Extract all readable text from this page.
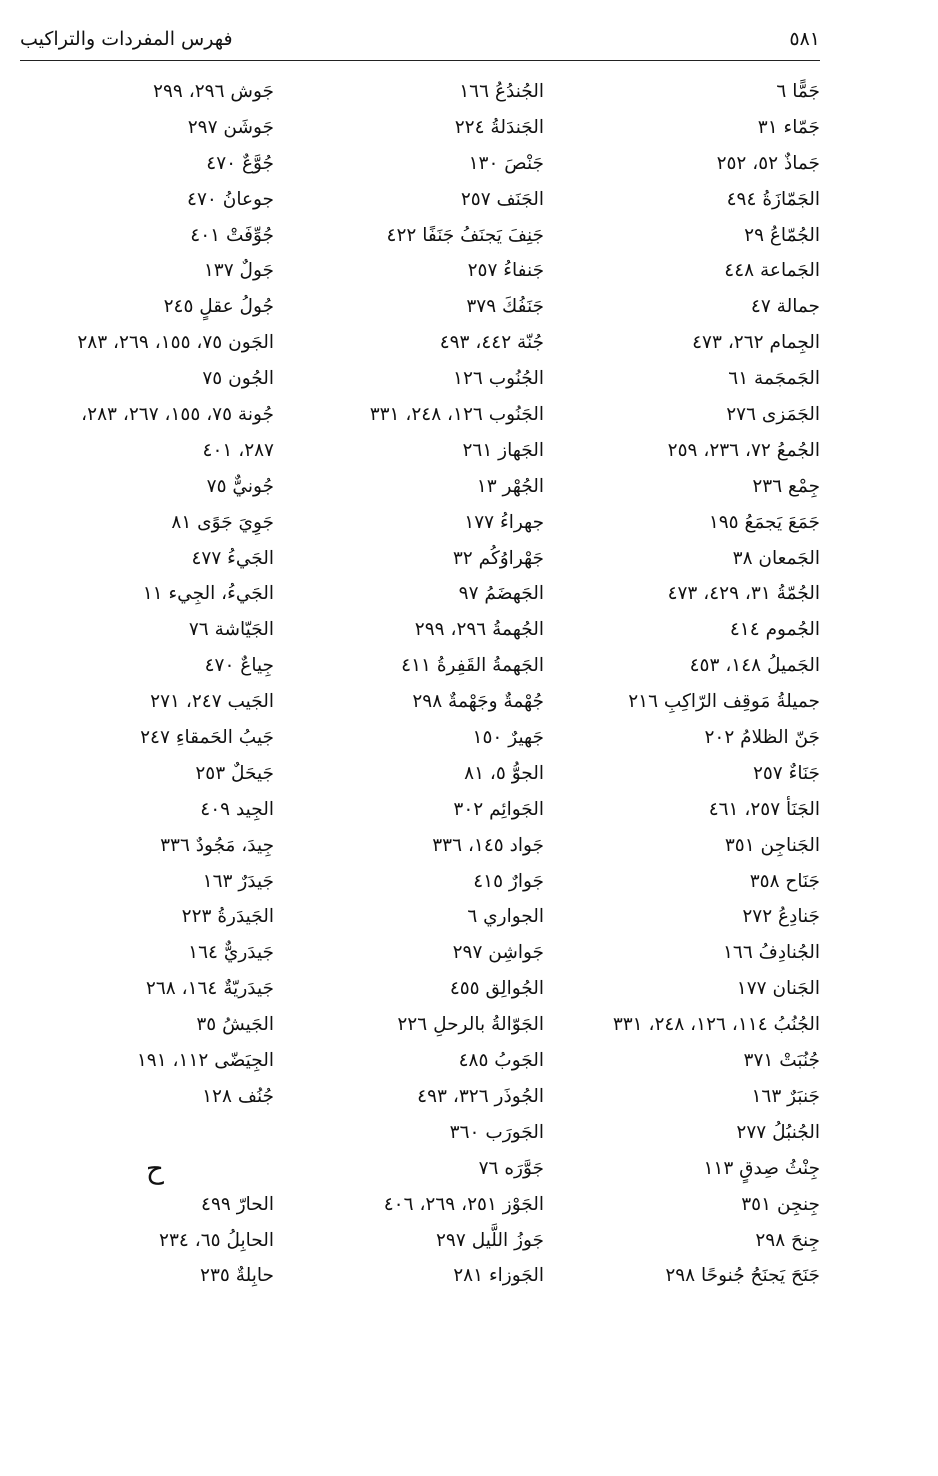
٥٨١
فهرس المفردات والتراكيب
جَمًّا ٦
جَمّاء ٣١
جَماذٌ ٥٢، ٢٥٢
الجَمّازَةُ ٤٩٤
الجُمّاعُ ٢٩
الجَماعة ٤٤٨
جمالة ٤٧
الجِمام ٢٦٢، ٤٧٣
الجَمجَمة ٦١
الجَمَزى ٢٧٦
الجُمعُ ٧٢، ٢٣٦، ٢٥٩
جِمْع ٢٣٦
جَمَعَ يَجمَعُ ١٩٥
الجَمعان ٣٨
الجُمّةُ ٣١، ٤٢٩، ٤٧٣
الجُموم ٤١٤
الجَميلُ ١٤٨، ٤٥٣
جميلةُ مَوقِف الرّاكِبِ ٢١٦
جَنّ الظلامُ ٢٠٢
جَنَاءٌ ٢٥٧
الجَنَأ ٢٥٧، ٤٦١
الجَناجِن ٣٥١
جَنَاح ٣٥٨
جَنادِعُ ٢٧٢
الجُنادِفُ ١٦٦
الجَنان ١٧٧
الجُنُبُ ١١٤، ١٢٦، ٢٤٨، ٣٣١
جُنُبَتْ ٣٧١
جَنبَرٌ ١٦٣
الجُنبُلُ ٢٧٧
جِنْثُ صِدقٍ ١١٣
جِنجِن ٣٥١
جِنحَ ٢٩٨
جَنَحَ يَجنَحُ جُنوحًا ٢٩٨
الجُندُعُ ١٦٦
الجَندَلةُ ٢٢٤
جَنْصَ ١٣٠
الجَنَف ٢٥٧
جَنِفَ يَجنَفُ جَنَفًا ٤٢٢
جَنفاءُ ٢٥٧
جَنَفُكَ ٣٧٩
جُنّة ٤٤٢، ٤٩٣
الجُنُوب ١٢٦
الجَنُوب ١٢٦، ٢٤٨، ٣٣١
الجَهاز ٢٦١
الجُهْر ١٣
جهراءُ ١٧٧
جَهْراوُكُم ٣٢
الجَهضَمُ ٩٧
الجُهمةُ ٢٩٦، ٢٩٩
الجَهمةُ القَفِرةُ ٤١١
جُهْمةٌ وجَهْمةٌ ٢٩٨
جَهيرٌ ١٥٠
الجوُّ ٥، ٨١
الجَوائِم ٣٠٢
جَواد ١٤٥، ٣٣٦
جَوارٌ ٤١٥
الجواري ٦
جَواشِن ٢٩٧
الجُوالِق ٤٥٥
الجَوّالةُ بالرحلِ ٢٢٦
الجَوبُ ٤٨٥
الجُوذَر ٣٢٦، ٤٩٣
الجَورَب ٣٦٠
جَوَّرَه ٧٦
الجَوْز ٢٥١، ٢٦٩، ٤٠٦
جَوزُ اللَّيل ٢٩٧
الجَوزاء ٢٨١
جَوش ٢٩٦، ٢٩٩
جَوشَن ٢٩٧
جُوَّعٌ ٤٧٠
جوعانُ ٤٧٠
جُوِّفَتْ ٤٠١
جَولٌ ١٣٧
جُولُ عقلٍ ٢٤٥
الجَون ٧٥، ١٥٥، ٢٦٩، ٢٨٣
الجُون ٧٥
جُونة ٧٥، ١٥٥، ٢٦٧، ٢٨٣،
٢٨٧، ٤٠١
جُونيٌّ ٧٥
جَوِيَ جَوًى ٨١
الجَيءُ ٤٧٧
الجَيءُ، الجِيء ١١
الجَيّاشة ٧٦
جِياعٌ ٤٧٠
الجَيب ٢٤٧، ٢٧١
جَيبُ الحَمقاءِ ٢٤٧
جَيحَلٌ ٢٥٣
الجِيد ٤٠٩
جِيدَ، مَجُودٌ ٣٣٦
جَيدَرٌ ١٦٣
الجَيدَرةُ ٢٢٣
جَيدَريٌّ ١٦٤
جَيدَريّةٌ ١٦٤، ٢٦٨
الجَيشُ ٣٥
الجِيَضّى ١١٢، ١٩١
جُنُف ١٢٨
ح
الحارّ ٤٩٩
الحابِلُ ٦٥، ٢٣٤
حابِلةٌ ٢٣٥
